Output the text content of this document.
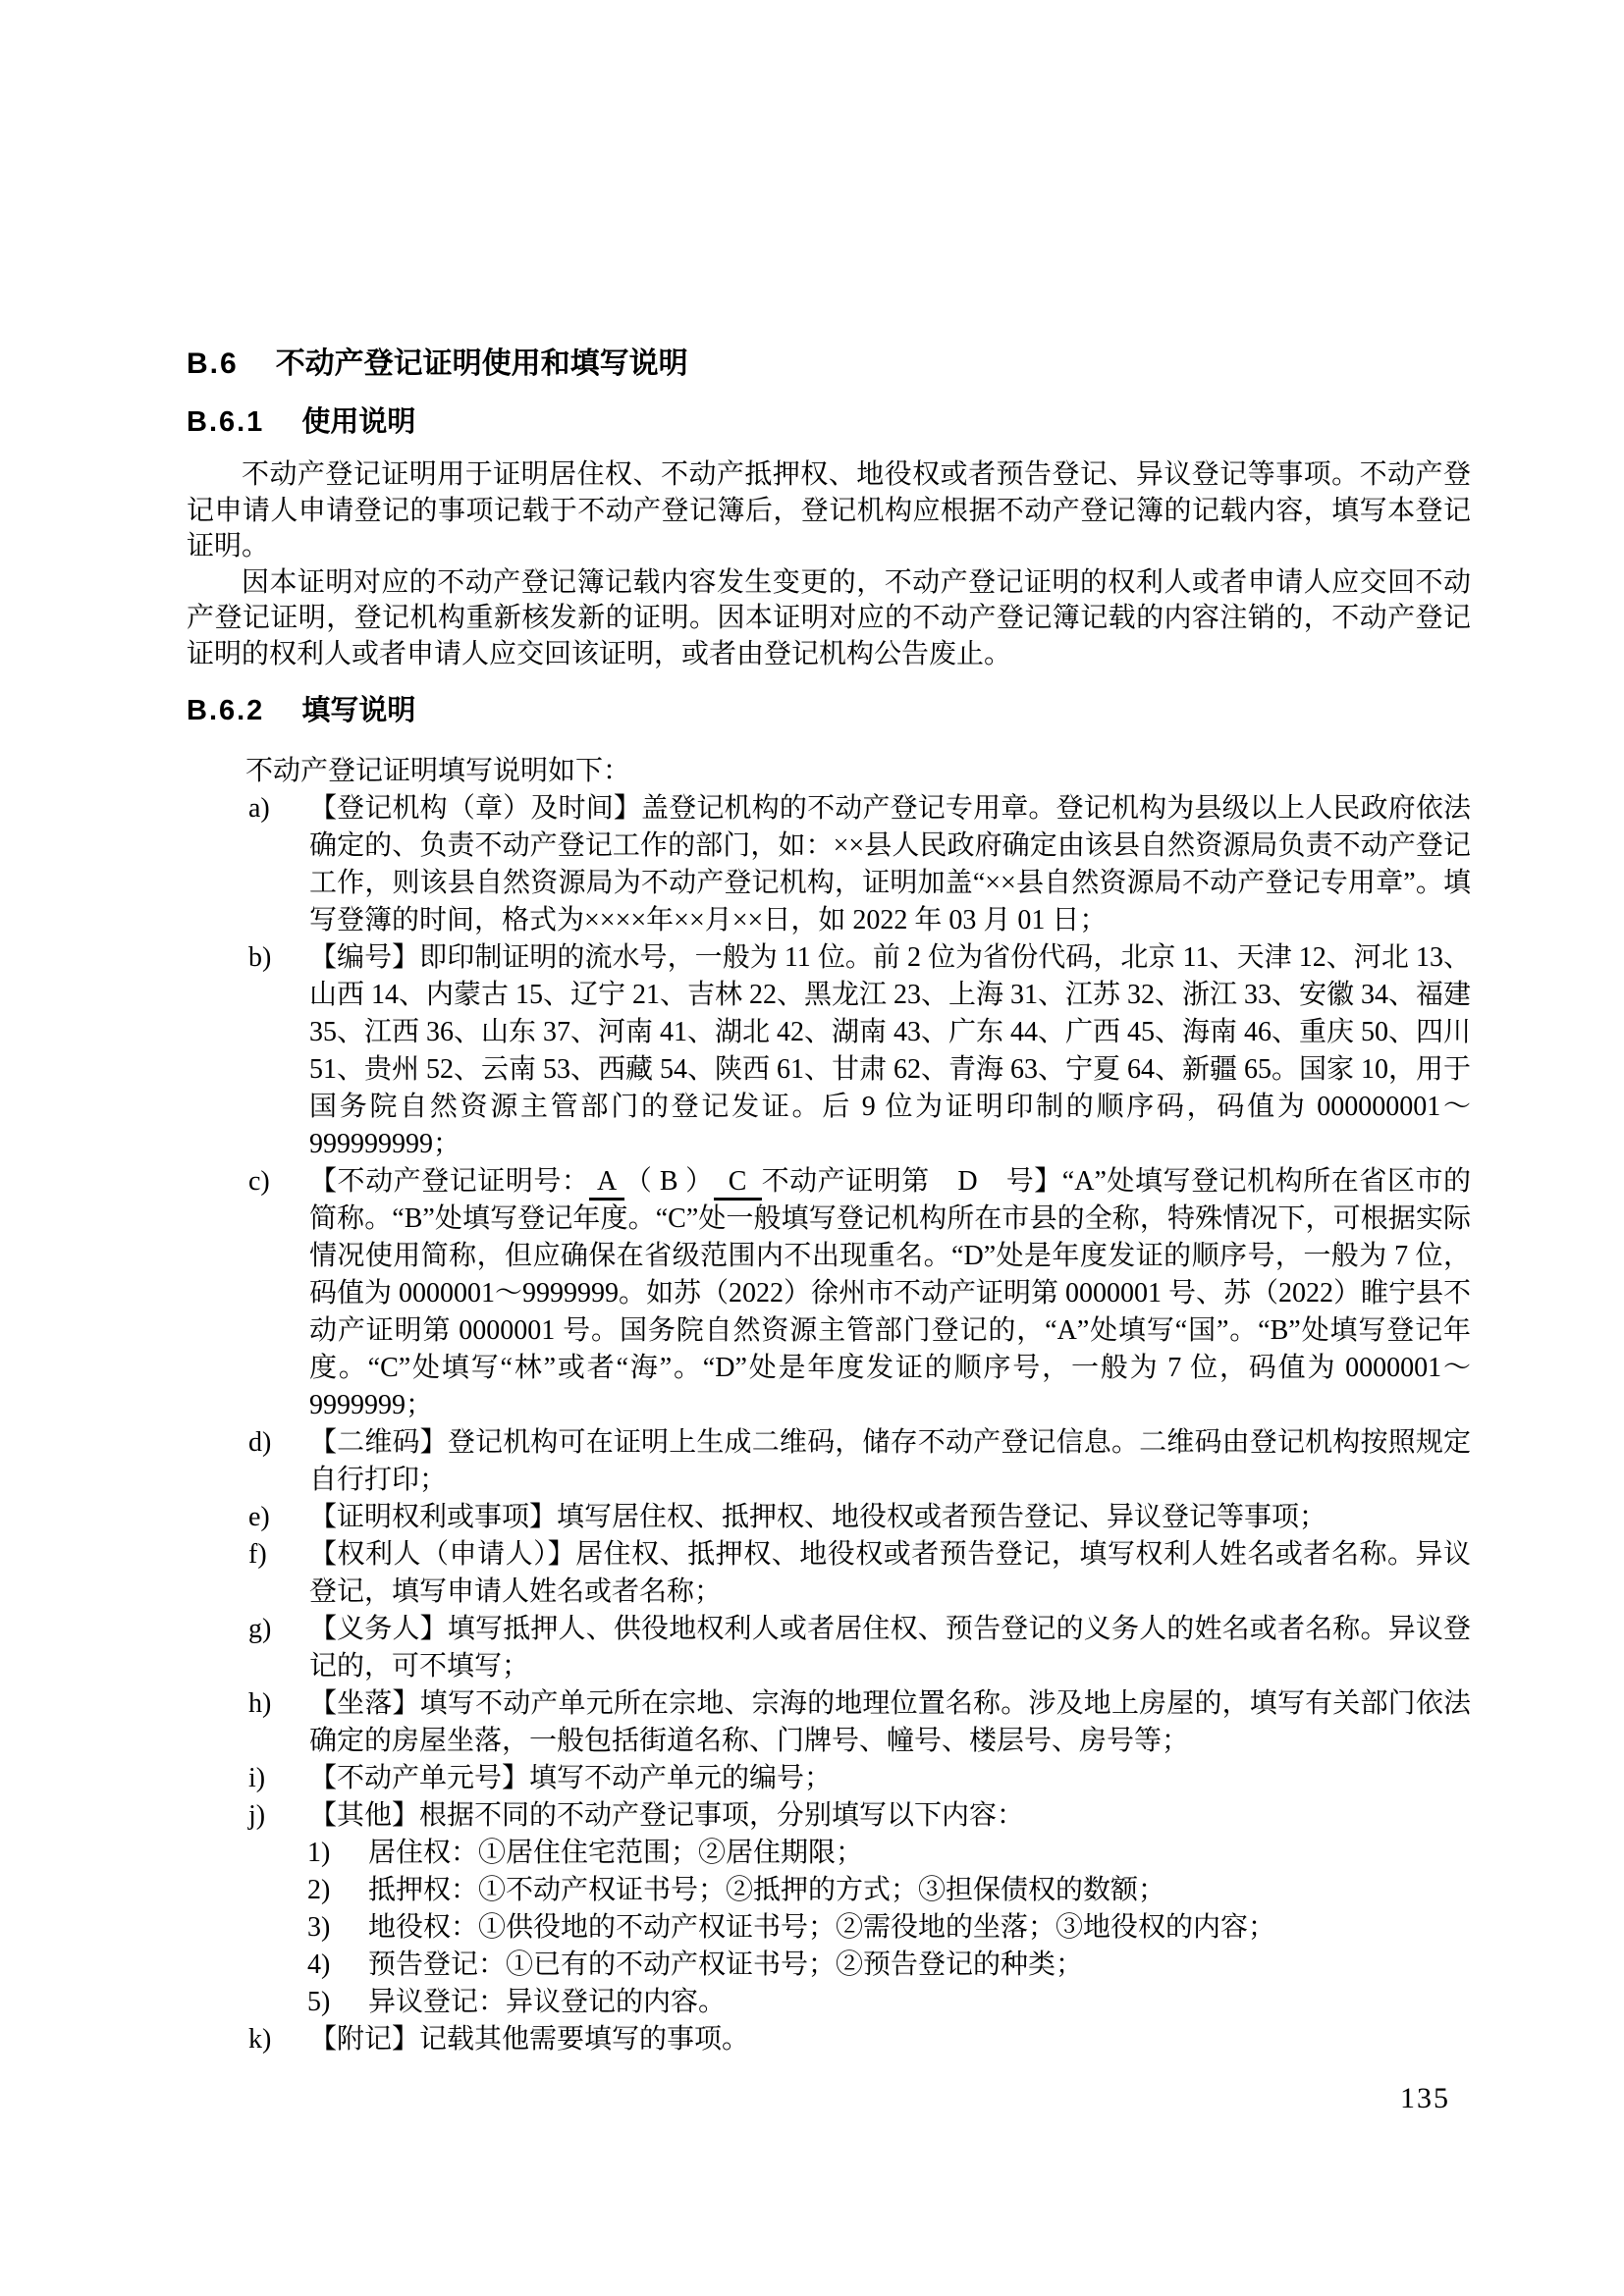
B.6 不动产登记证明使用和填写说明
B.6.1 使用说明

不动产登记证明用于证明居住权、不动产抵押权、地役权或者预告登记、异议登记等事项。不动产登记申请人申请登记的事项记载于不动产登记簿后，登记机构应根据不动产登记簿的记载内容，填写本登记证明。

因本证明对应的不动产登记簿记载内容发生变更的，不动产登记证明的权利人或者申请人应交回不动产登记证明，登记机构重新核发新的证明。因本证明对应的不动产登记簿记载的内容注销的，不动产登记证明的权利人或者申请人应交回该证明，或者由登记机构公告废止。

B.6.2 填写说明

不动产登记证明填写说明如下：

a) 【登记机构（章）及时间】盖登记机构的不动产登记专用章。登记机构为县级以上人民政府依法确定的、负责不动产登记工作的部门，如：××县人民政府确定由该县自然资源局负责不动产登记工作，则该县自然资源局为不动产登记机构，证明加盖“××县自然资源局不动产登记专用章”。填写登簿的时间，格式为××××年××月××日，如 2022 年 03 月 01 日；
b) 【编号】即印制证明的流水号，一般为 11 位。前 2 位为省份代码，北京 11、天津 12、河北 13、山西 14、内蒙古 15、辽宁 21、吉林 22、黑龙江 23、上海 31、江苏 32、浙江 33、安徽 34、福建 35、江西 36、山东 37、河南 41、湖北 42、湖南 43、广东 44、广西 45、海南 46、重庆 50、四川 51、贵州 52、云南 53、西藏 54、陕西 61、甘肃 62、青海 63、宁夏 64、新疆 65。国家 10，用于国务院自然资源主管部门的登记发证。后 9 位为证明印制的顺序码，码值为 000000001～999999999；
c) 【不动产登记证明号： A （ B ）  C  不动产证明第　D　号】“A”处填写登记机构所在省区市的简称。“B”处填写登记年度。“C”处一般填写登记机构所在市县的全称，特殊情况下，可根据实际情况使用简称，但应确保在省级范围内不出现重名。“D”处是年度发证的顺序号，一般为 7 位，码值为 0000001～9999999。如苏（2022）徐州市不动产证明第 0000001 号、苏（2022）睢宁县不动产证明第 0000001 号。国务院自然资源主管部门登记的，“A”处填写“国”。“B”处填写登记年度。“C”处填写“林”或者“海”。“D”处是年度发证的顺序号，一般为 7 位，码值为 0000001～9999999；
d) 【二维码】登记机构可在证明上生成二维码，储存不动产登记信息。二维码由登记机构按照规定自行打印；
e) 【证明权利或事项】填写居住权、抵押权、地役权或者预告登记、异议登记等事项；
f) 【权利人（申请人）】居住权、抵押权、地役权或者预告登记，填写权利人姓名或者名称。异议登记，填写申请人姓名或者名称；
g) 【义务人】填写抵押人、供役地权利人或者居住权、预告登记的义务人的姓名或者名称。异议登记的，可不填写；
h) 【坐落】填写不动产单元所在宗地、宗海的地理位置名称。涉及地上房屋的，填写有关部门依法确定的房屋坐落，一般包括街道名称、门牌号、幢号、楼层号、房号等；
i) 【不动产单元号】填写不动产单元的编号；
j) 【其他】根据不同的不动产登记事项，分别填写以下内容：
1) 居住权：①居住住宅范围；②居住期限；
2) 抵押权：①不动产权证书号；②抵押的方式；③担保债权的数额；
3) 地役权：①供役地的不动产权证书号；②需役地的坐落；③地役权的内容；
4) 预告登记：①已有的不动产权证书号；②预告登记的种类；
5) 异议登记：异议登记的内容。
k) 【附记】记载其他需要填写的事项。
135
